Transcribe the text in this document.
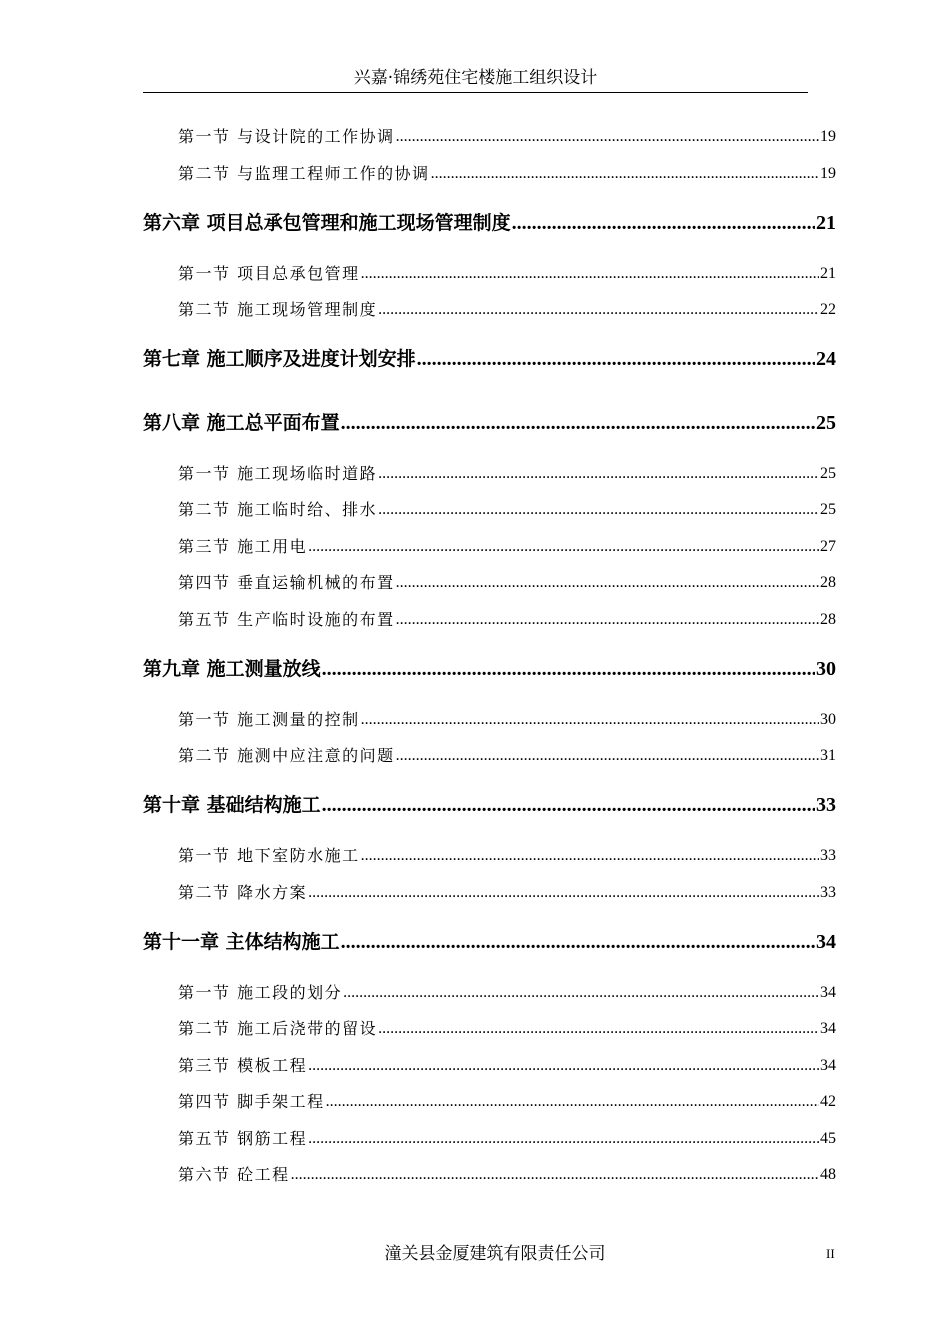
兴嘉·锦绣苑住宅楼施工组织设计
第一节 与设计院的工作协调 .....	19
第二节 与监理工程师工作的协调 .....	19
第六章 项目总承包管理和施工现场管理制度 .....	21
第一节 项目总承包管理 .....	21
第二节 施工现场管理制度 .....	22
第七章 施工顺序及进度计划安排 .....	24
第八章 施工总平面布置 .....	25
第一节 施工现场临时道路 .....	25
第二节 施工临时给、排水 .....	25
第三节 施工用电 .....	27
第四节 垂直运输机械的布置 .....	28
第五节 生产临时设施的布置 .....	28
第九章 施工测量放线 .....	30
第一节 施工测量的控制 .....	30
第二节 施测中应注意的问题 .....	31
第十章 基础结构施工 .....	33
第一节 地下室防水施工 .....	33
第二节 降水方案 .....	33
第十一章 主体结构施工 .....	34
第一节 施工段的划分 .....	34
第二节 施工后浇带的留设 .....	34
第三节 模板工程 .....	34
第四节 脚手架工程 .....	42
第五节 钢筋工程 .....	45
第六节 砼工程 .....	48
潼关县金厦建筑有限责任公司	II
